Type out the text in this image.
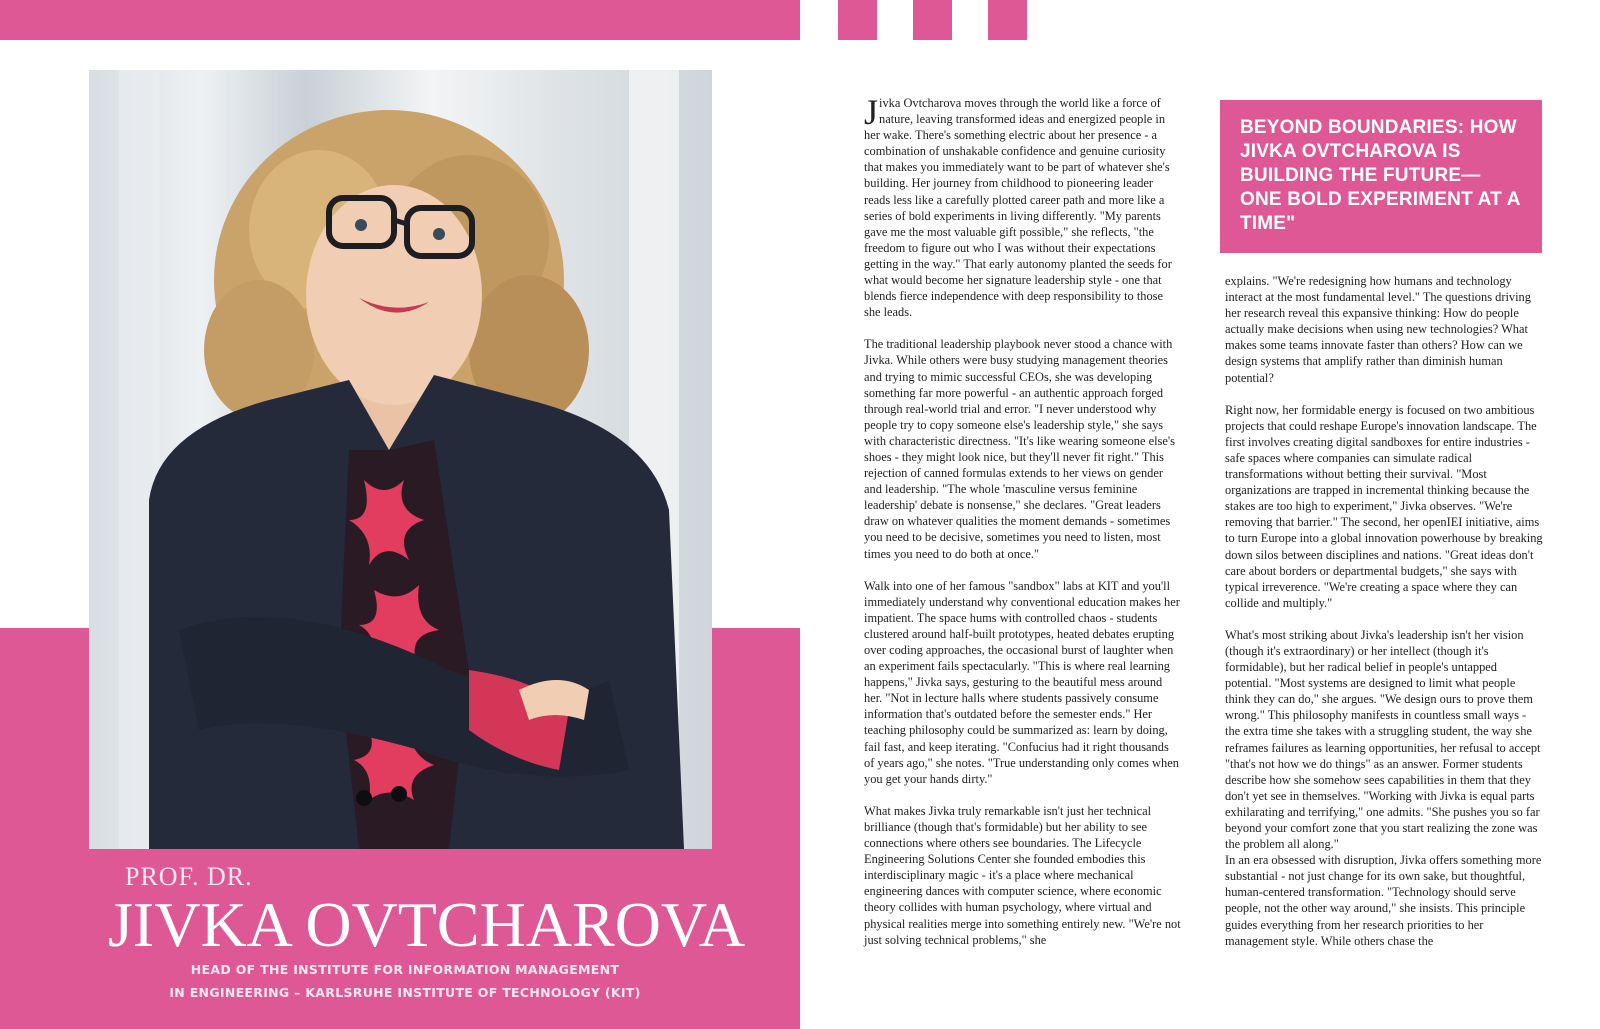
PROF. DR.
JIVKA OVTCHAROVA
HEAD OF THE INSTITUTE FOR INFORMATION MANAGEMENT
IN ENGINEERING – KARLSRUHE INSTITUTE OF TECHNOLOGY (KIT)

Jivka Ovtcharova moves through the world like a force of nature, leaving transformed ideas and energized people in her wake. There's something electric about her presence - a combination of unshakable confidence and genuine curiosity that makes you immediately want to be part of whatever she's building. Her journey from childhood to pioneering leader reads less like a carefully plotted career path and more like a series of bold experiments in living differently. "My parents gave me the most valuable gift possible," she reflects, "the freedom to figure out who I was without their expectations getting in the way." That early autonomy planted the seeds for what would become her signature leadership style - one that blends fierce independence with deep responsibility to those she leads.

The traditional leadership playbook never stood a chance with Jivka. While others were busy studying management theories and trying to mimic successful CEOs, she was developing something far more powerful - an authentic approach forged through real-world trial and error. "I never understood why people try to copy someone else's leadership style," she says with characteristic directness. "It's like wearing someone else's shoes - they might look nice, but they'll never fit right." This rejection of canned formulas extends to her views on gender and leadership. "The whole 'masculine versus feminine leadership' debate is nonsense," she declares. "Great leaders draw on whatever qualities the moment demands - sometimes you need to be decisive, sometimes you need to listen, most times you need to do both at once."

Walk into one of her famous "sandbox" labs at KIT and you'll immediately understand why conventional education makes her impatient. The space hums with controlled chaos - students clustered around half-built prototypes, heated debates erupting over coding approaches, the occasional burst of laughter when an experiment fails spectacularly. "This is where real learning happens," Jivka says, gesturing to the beautiful mess around her. "Not in lecture halls where students passively consume information that's outdated before the semester ends." Her teaching philosophy could be summarized as: learn by doing, fail fast, and keep iterating. "Confucius had it right thousands of years ago," she notes. "True understanding only comes when you get your hands dirty."

What makes Jivka truly remarkable isn't just her technical brilliance (though that's formidable) but her ability to see connections where others see boundaries. The Lifecycle Engineering Solutions Center she founded embodies this interdisciplinary magic - it's a place where mechanical engineering dances with computer science, where economic theory collides with human psychology, where virtual and physical realities merge into something entirely new. "We're not just solving technical problems," she

BEYOND BOUNDARIES: HOW JIVKA OVTCHAROVA IS BUILDING THE FUTURE—ONE BOLD EXPERIMENT AT A TIME"

explains. "We're redesigning how humans and technology interact at the most fundamental level." The questions driving her research reveal this expansive thinking: How do people actually make decisions when using new technologies? What makes some teams innovate faster than others? How can we design systems that amplify rather than diminish human potential?

Right now, her formidable energy is focused on two ambitious projects that could reshape Europe's innovation landscape. The first involves creating digital sandboxes for entire industries - safe spaces where companies can simulate radical transformations without betting their survival. "Most organizations are trapped in incremental thinking because the stakes are too high to experiment," Jivka observes. "We're removing that barrier." The second, her openIEI initiative, aims to turn Europe into a global innovation powerhouse by breaking down silos between disciplines and nations. "Great ideas don't care about borders or departmental budgets," she says with typical irreverence. "We're creating a space where they can collide and multiply."

What's most striking about Jivka's leadership isn't her vision (though it's extraordinary) or her intellect (though it's formidable), but her radical belief in people's untapped potential. "Most systems are designed to limit what people think they can do," she argues. "We design ours to prove them wrong." This philosophy manifests in countless small ways - the extra time she takes with a struggling student, the way she reframes failures as learning opportunities, her refusal to accept "that's not how we do things" as an answer. Former students describe how she somehow sees capabilities in them that they don't yet see in themselves. "Working with Jivka is equal parts exhilarating and terrifying," one admits. "She pushes you so far beyond your comfort zone that you start realizing the zone was the problem all along."

In an era obsessed with disruption, Jivka offers something more substantial - not just change for its own sake, but thoughtful, human-centered transformation. "Technology should serve people, not the other way around," she insists. This principle guides everything from her research priorities to her management style. While others chase the
